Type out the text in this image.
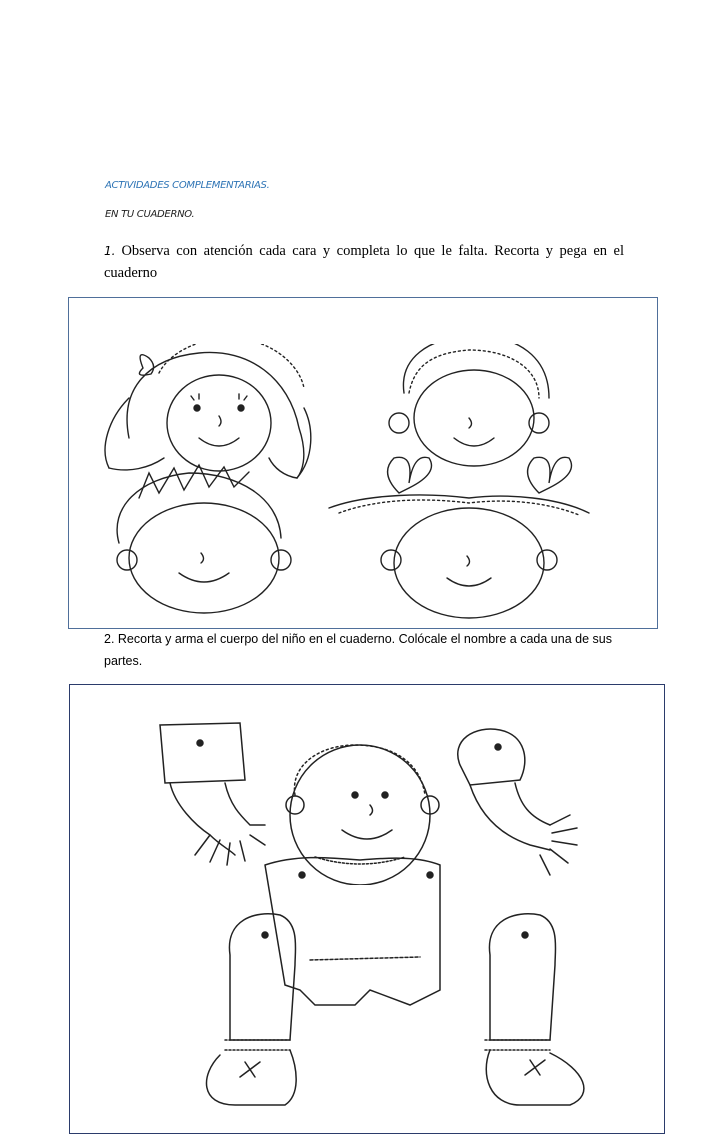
ACTIVIDADES COMPLEMENTARIAS.
EN TU CUADERNO.
1. Observa con atención cada cara y completa lo que le falta. Recorta y pega en el cuaderno
2. Recorta y arma el cuerpo del niño en el cuaderno. Colócale el nombre a cada una de sus partes.
